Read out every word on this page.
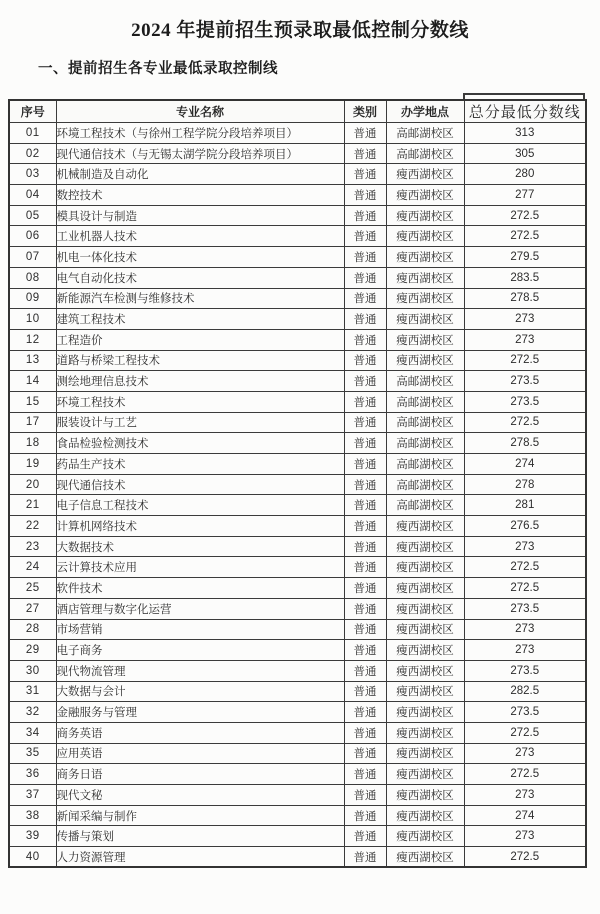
2024 年提前招生预录取最低控制分数线
一、提前招生各专业最低录取控制线
序号	专业名称	类别	办学地点	总分最低分数线
01	环境工程技术（与徐州工程学院分段培养项目）	普通	高邮湖校区	313
02	现代通信技术（与无锡太湖学院分段培养项目）	普通	高邮湖校区	305
03	机械制造及自动化	普通	瘦西湖校区	280
04	数控技术	普通	瘦西湖校区	277
05	模具设计与制造	普通	瘦西湖校区	272.5
06	工业机器人技术	普通	瘦西湖校区	272.5
07	机电一体化技术	普通	瘦西湖校区	279.5
08	电气自动化技术	普通	瘦西湖校区	283.5
09	新能源汽车检测与维修技术	普通	瘦西湖校区	278.5
10	建筑工程技术	普通	瘦西湖校区	273
12	工程造价	普通	瘦西湖校区	273
13	道路与桥梁工程技术	普通	瘦西湖校区	272.5
14	测绘地理信息技术	普通	高邮湖校区	273.5
15	环境工程技术	普通	高邮湖校区	273.5
17	服装设计与工艺	普通	高邮湖校区	272.5
18	食品检验检测技术	普通	高邮湖校区	278.5
19	药品生产技术	普通	高邮湖校区	274
20	现代通信技术	普通	高邮湖校区	278
21	电子信息工程技术	普通	高邮湖校区	281
22	计算机网络技术	普通	瘦西湖校区	276.5
23	大数据技术	普通	瘦西湖校区	273
24	云计算技术应用	普通	瘦西湖校区	272.5
25	软件技术	普通	瘦西湖校区	272.5
27	酒店管理与数字化运营	普通	瘦西湖校区	273.5
28	市场营销	普通	瘦西湖校区	273
29	电子商务	普通	瘦西湖校区	273
30	现代物流管理	普通	瘦西湖校区	273.5
31	大数据与会计	普通	瘦西湖校区	282.5
32	金融服务与管理	普通	瘦西湖校区	273.5
34	商务英语	普通	瘦西湖校区	272.5
35	应用英语	普通	瘦西湖校区	273
36	商务日语	普通	瘦西湖校区	272.5
37	现代文秘	普通	瘦西湖校区	273
38	新闻采编与制作	普通	瘦西湖校区	274
39	传播与策划	普通	瘦西湖校区	273
40	人力资源管理	普通	瘦西湖校区	272.5
